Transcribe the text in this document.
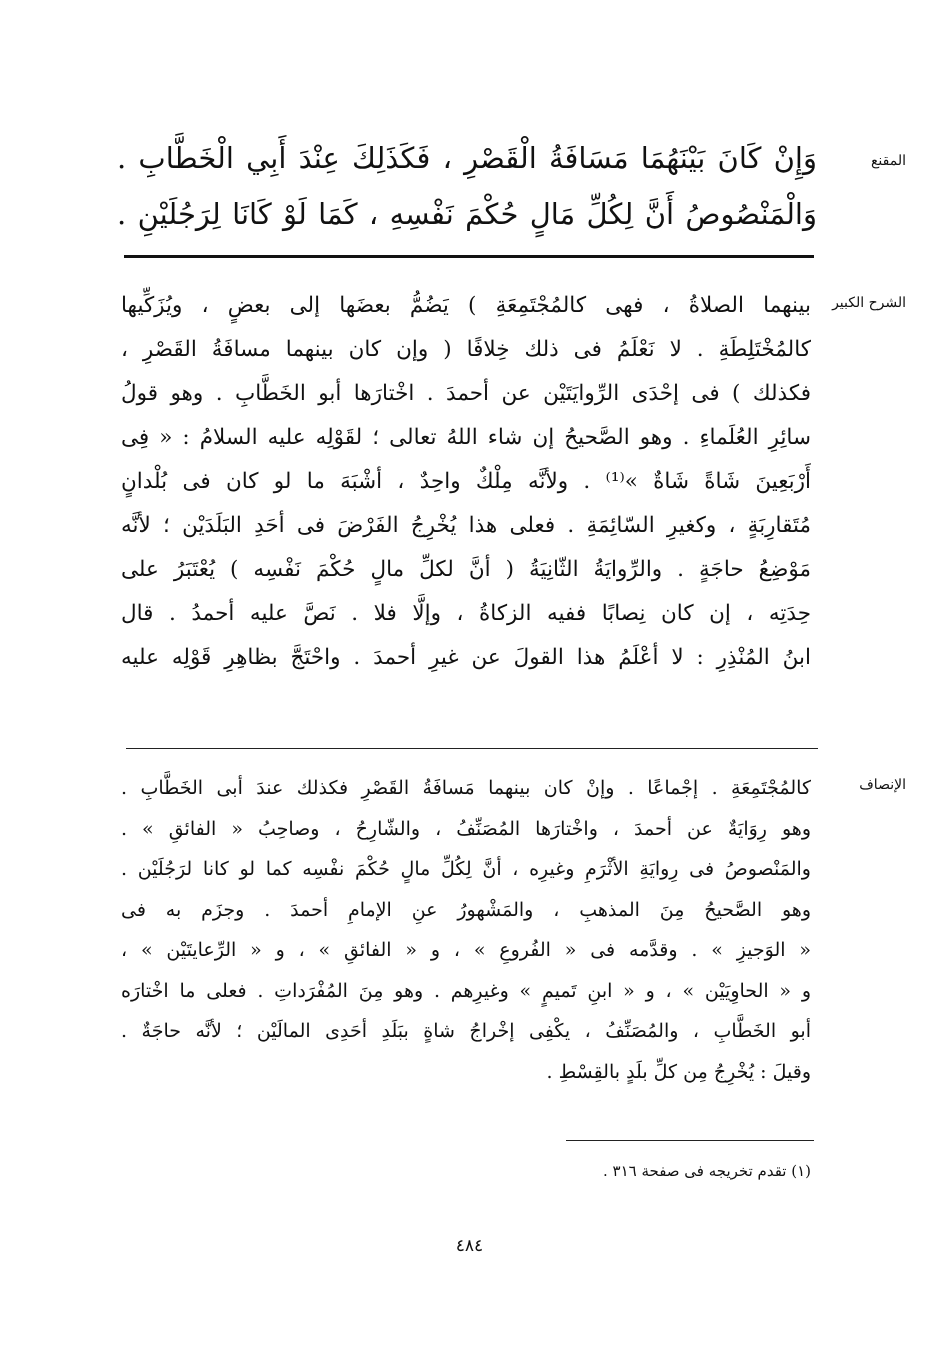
المقنع
وَإِنْ كَانَ بَيْنَهُمَا مَسَافَةُ الْقَصْرِ ، فَكَذَلِكَ عِنْدَ أَبِي الْخَطَّابِ .
وَالْمَنْصُوصُ أَنَّ لِكُلِّ مَالٍ حُكْمَ نَفْسِهِ ، كَمَا لَوْ كَانَا لِرَجُلَيْنِ .
الشرح الكبير
بينهما الصلاةُ ، فهى كالمُجْتَمِعَةِ ) يَضُمُّ بعضَها إلى بعضٍ ، ويُزَكِّيها
كالمُخْتَلِطَةِ . لا نَعْلَمُ فى ذلك خِلافًا ( وإن كان بينهما مسافَةُ القَصْرِ ،
فكذلك ) فى إحْدَى الرِّوايَتَيْن عن أحمدَ . اخْتارَها أبو الخَطَّابِ . وهو قولُ
سائِرِ العُلَماءِ . وهو الصَّحيحُ إن شاء اللهُ تعالى ؛ لقَوْلِه عليه السلامُ : « فِى
أَرْبَعِينَ شَاةً شَاةٌ »⁽¹⁾ . ولأنَّه مِلْكٌ واحِدٌ ، أشْبَهَ ما لو كان فى بُلْدانٍ
مُتَقارِبَةٍ ، وكغيرِ السّائِمَةِ . فعلى هذا يُخْرِجُ الفَرْضَ فى أحَدِ البَلَدَيْن ؛ لأنَّه
مَوْضِعُ حاجَةٍ . والرِّوايَةُ الثّانِيَةُ ( أنَّ لكلِّ مالٍ حُكْمَ نَفْسِه ) يُعْتَبَرُ على
حِدَتِه ، إن كان نِصابًا ففيه الزكاةُ ، وإلَّا فلا . نَصَّ عليه أحمدُ . قال
ابنُ المُنْذِرِ : لا أعْلَمُ هذا القولَ عن غيرِ أحمدَ . واحْتَجَّ بظاهِرِ قَوْلِه عليه
الإنصاف
كالمُجْتَمِعَةِ . إجْماعًا . وإنْ كان بينهما مَسافَةُ القَصْرِ فكذلك عندَ أبى الخَطَّابِ .
وهو رِوَايَةٌ عن أحمدَ ، واخْتارَها المُصَنِّفُ ، والشّارِحُ ، وصاحِبُ « الفائقِ » .
والمَنْصوصُ فى رِوايَةِ الأثْرَمِ وغيرِه ، أنَّ لِكُلِّ مالٍ حُكْمَ نفْسِه كما لو كانا لرَجُلَيْن .
وهو الصَّحيحُ مِنَ المذهبِ ، والمَشْهورُ عنِ الإمامِ أحمدَ . وجزَم به فى
« الوَجيزِ » . وقدَّمه فى « الفُروعِ » ، و « الفائقِ » ، و « الرِّعايتَيْن » ،
و « الحاوِيَيْن » ، و « ابنِ تَميمٍ » وغيرِهم . وهو مِنَ المُفْرَداتِ . فعلى ما اخْتارَه
أبو الخَطَّابِ ، والمُصَنِّفُ ، يكْفِى إخْراجُ شاةٍ ببَلَدِ أحَدِى المالَيْن ؛ لأنَّه حاجَةٌ .
وقيلَ : يُخْرِجُ مِن كلِّ بلَدٍ بالقِسْطِ .
(١) تقدم تخريجه فى صفحة ٣١٦ .
٤٨٤
